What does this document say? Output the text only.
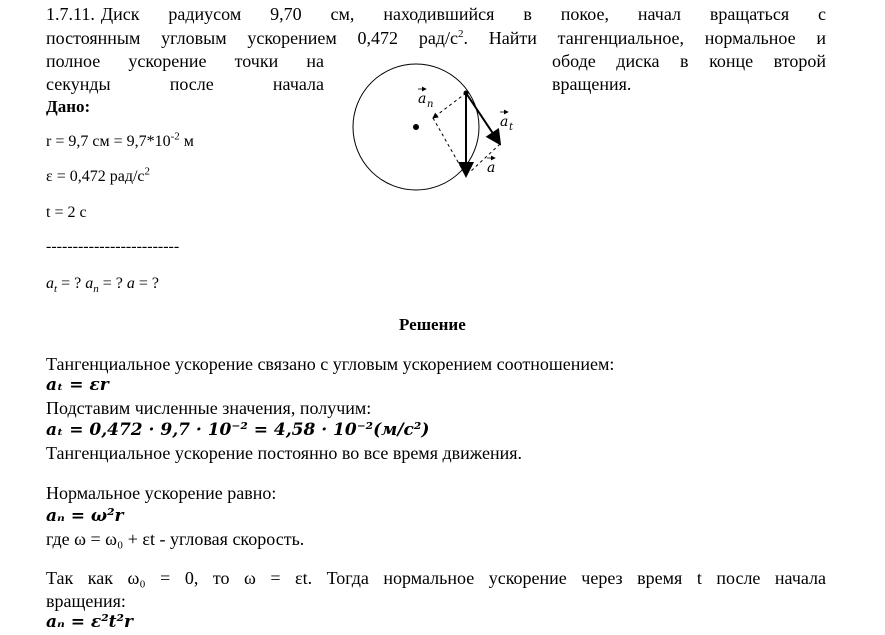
1.7.11. Диск радиусом 9,70 см, находившийся в покое, начал вращаться с
постоянным угловым ускорением 0,472 рад/$с^2$. Найти тангенциальное, нормальное и
полное ускорение точки на	ободе диска в конце второй
секунды после начала	вращения.
Дано:
r = 9,7 см = $9,7*10^{-2}$ м
ε = 0,472 рад/$с^2$
t = 2 с
-------------------------
$a_t$ = ? $a_n$ = ? a = ?
a n
a t
a
Решение
Тангенциальное ускорение связано с угловым ускорением соотношением:
aₜ = εr
Подставим численные значения, получим:
aₜ = 0,472 · 9,7 · 10⁻² = 4,58 · 10⁻²(м/с²)
Тангенциальное ускорение постоянно во все время движения.
Нормальное ускорение равно:
aₙ = ω²r
где ω = ω₀ + εt - угловая скорость.
Так как ω₀ = 0, то ω = εt. Тогда нормальное ускорение через время t после начала
вращения:
aₙ = ε²t²r
